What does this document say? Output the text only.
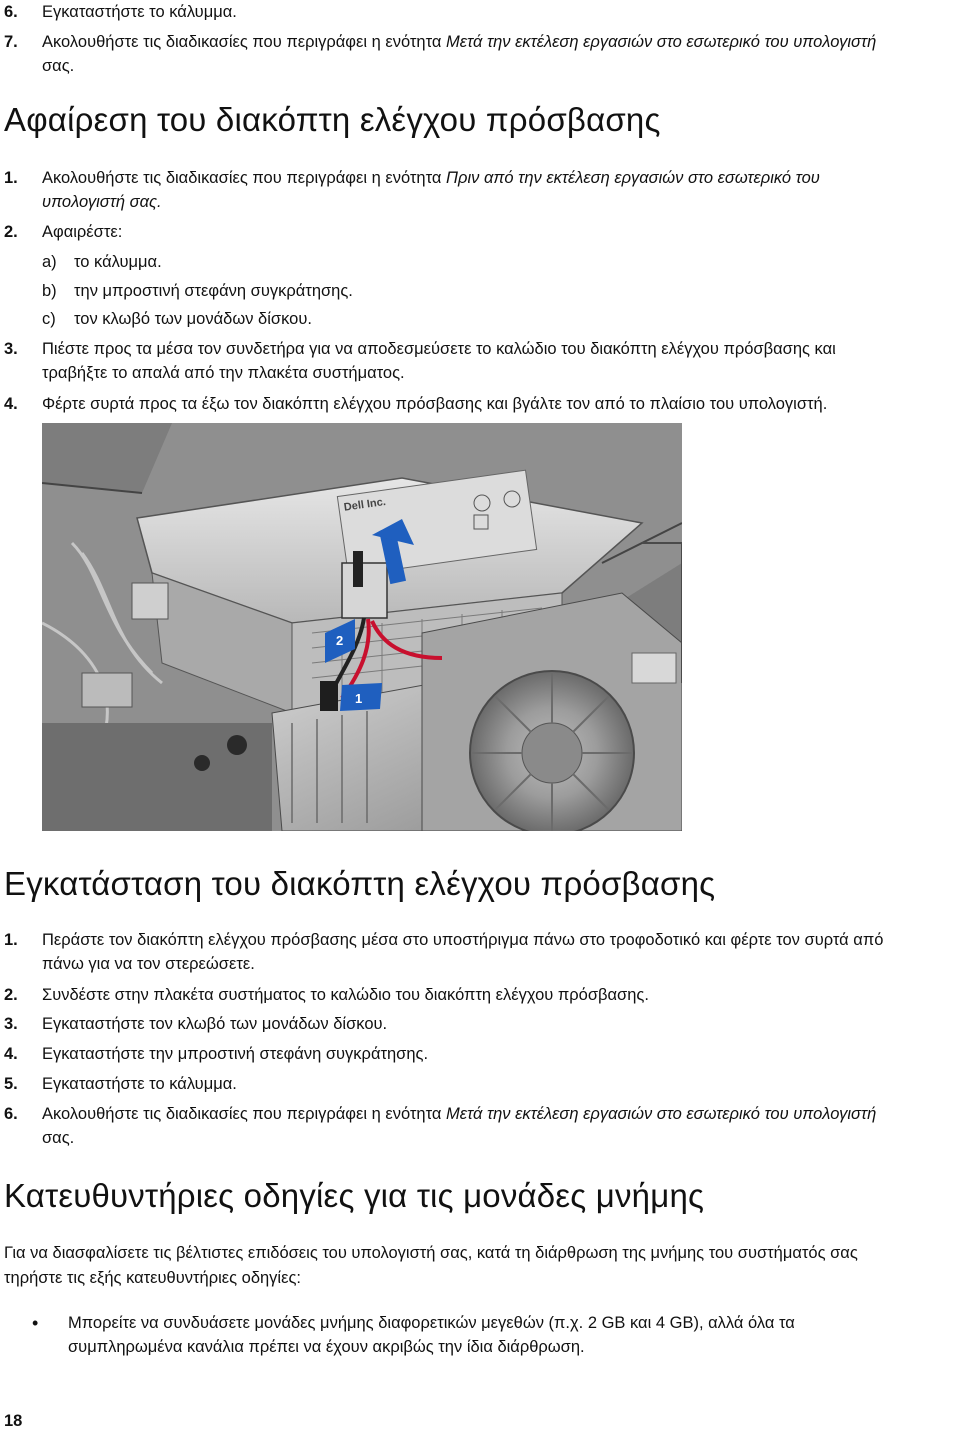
6. Εγκαταστήστε το κάλυμμα.
7. Ακολουθήστε τις διαδικασίες που περιγράφει η ενότητα Μετά την εκτέλεση εργασιών στο εσωτερικό του υπολογιστή
σας.
Αφαίρεση του διακόπτη ελέγχου πρόσβασης
1. Ακολουθήστε τις διαδικασίες που περιγράφει η ενότητα Πριν από την εκτέλεση εργασιών στο εσωτερικό του
υπολογιστή σας.
2. Αφαιρέστε:
a) το κάλυμμα.
b) την μπροστινή στεφάνη συγκράτησης.
c) τον κλωβό των μονάδων δίσκου.
3. Πιέστε προς τα μέσα τον συνδετήρα για να αποδεσμεύσετε το καλώδιο του διακόπτη ελέγχου πρόσβασης και
τραβήξτε το απαλά από την πλακέτα συστήματος.
4. Φέρτε συρτά προς τα έξω τον διακόπτη ελέγχου πρόσβασης και βγάλτε τον από το πλαίσιο του υπολογιστή.
Dell Inc.
2
1
Εγκατάσταση του διακόπτη ελέγχου πρόσβασης
1. Περάστε τον διακόπτη ελέγχου πρόσβασης μέσα στο υποστήριγμα πάνω στο τροφοδοτικό και φέρτε τον συρτά από
πάνω για να τον στερεώσετε.
2. Συνδέστε στην πλακέτα συστήματος το καλώδιο του διακόπτη ελέγχου πρόσβασης.
3. Εγκαταστήστε τον κλωβό των μονάδων δίσκου.
4. Εγκαταστήστε την μπροστινή στεφάνη συγκράτησης.
5. Εγκαταστήστε το κάλυμμα.
6. Ακολουθήστε τις διαδικασίες που περιγράφει η ενότητα Μετά την εκτέλεση εργασιών στο εσωτερικό του υπολογιστή
σας.
Κατευθυντήριες οδηγίες για τις μονάδες μνήμης
Για να διασφαλίσετε τις βέλτιστες επιδόσεις του υπολογιστή σας, κατά τη διάρθρωση της μνήμης του συστήματός σας
τηρήστε τις εξής κατευθυντήριες οδηγίες:
• Μπορείτε να συνδυάσετε μονάδες μνήμης διαφορετικών μεγεθών (π.χ. 2 GB και 4 GB), αλλά όλα τα
συμπληρωμένα κανάλια πρέπει να έχουν ακριβώς την ίδια διάρθρωση.
18
